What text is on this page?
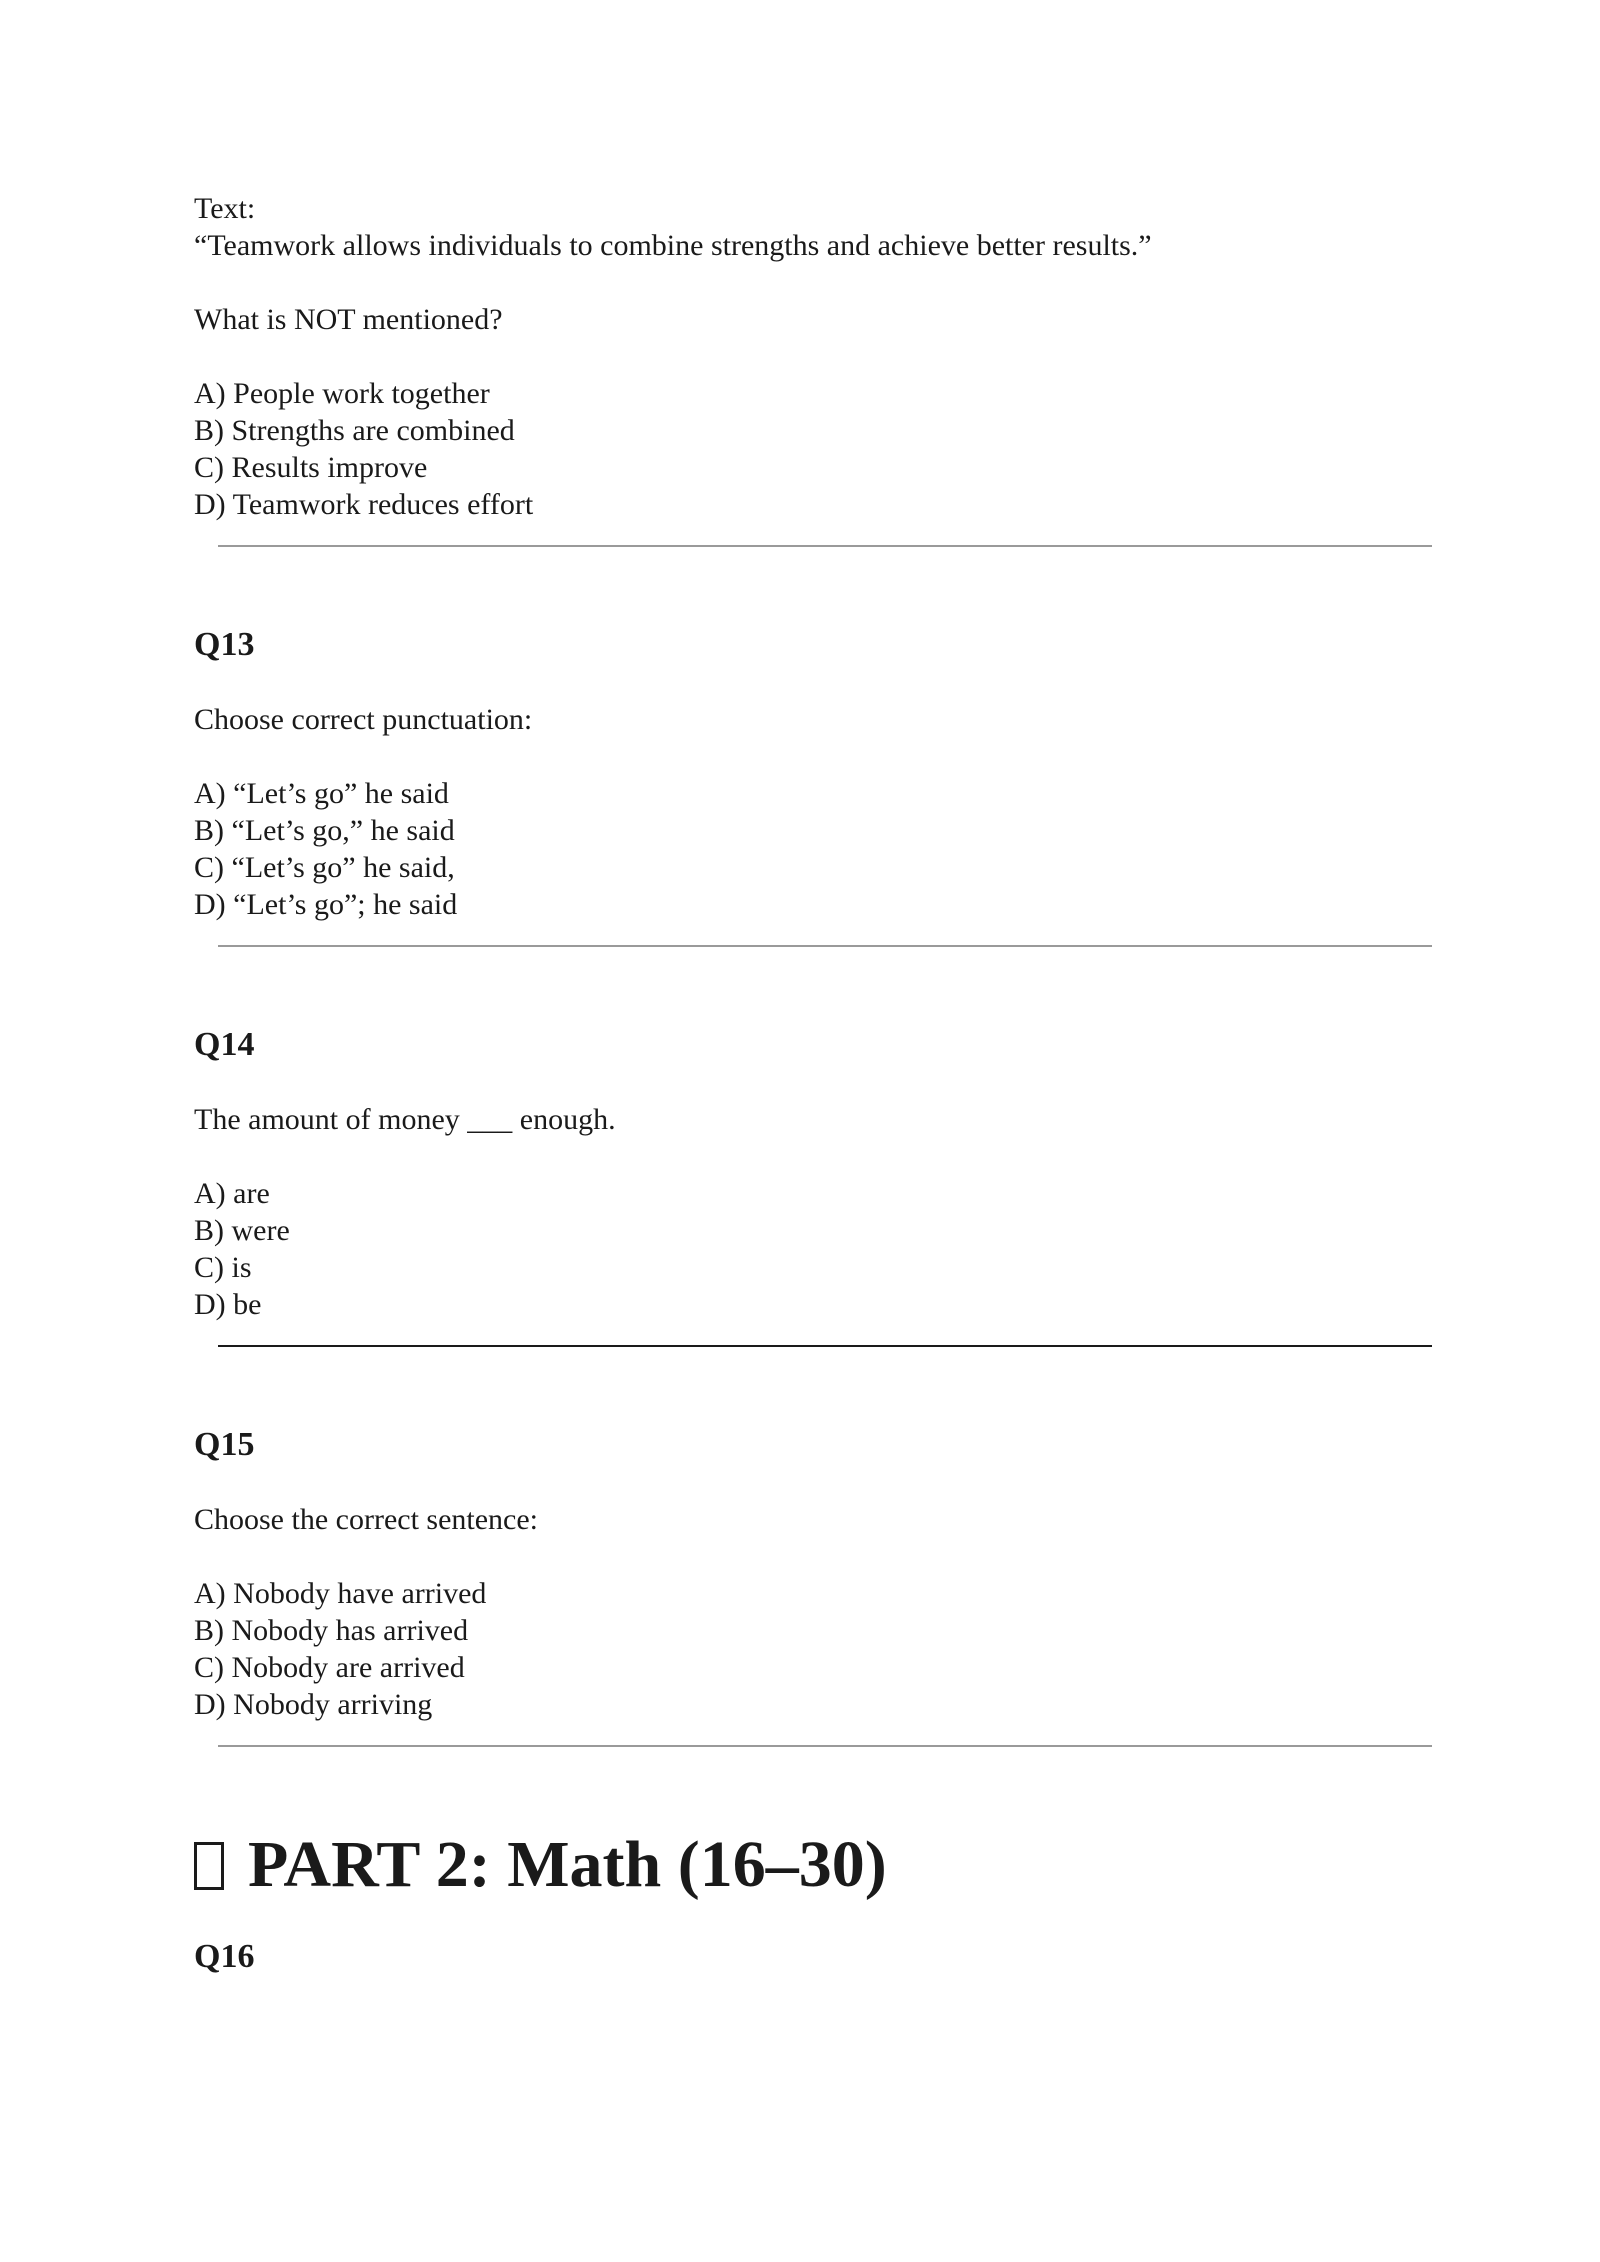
Text:
“Teamwork allows individuals to combine strengths and achieve better results.”
What is NOT mentioned?
A) People work together
B) Strengths are combined
C) Results improve
D) Teamwork reduces effort
Q13
Choose correct punctuation:
A) “Let’s go” he said
B) “Let’s go,” he said
C) “Let’s go” he said,
D) “Let’s go”; he said
Q14
The amount of money ___ enough.
A) are
B) were
C) is
D) be
Q15
Choose the correct sentence:
A) Nobody have arrived
B) Nobody has arrived
C) Nobody are arrived
D) Nobody arriving
PART 2: Math (16–30)
Q16
